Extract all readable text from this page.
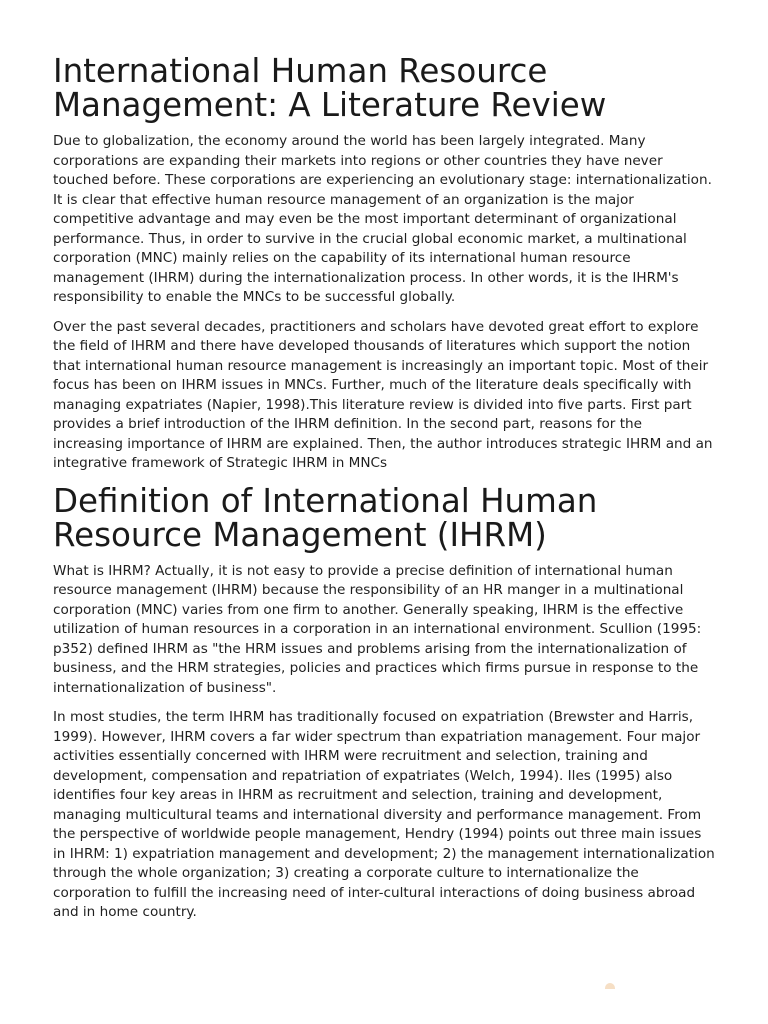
International Human Resource Management: A Literature Review

Due to globalization, the economy around the world has been largely integrated. Many corporations are expanding their markets into regions or other countries they have never touched before. These corporations are experiencing an evolutionary stage: internationalization. It is clear that effective human resource management of an organization is the major competitive advantage and may even be the most important determinant of organizational performance. Thus, in order to survive in the crucial global economic market, a multinational corporation (MNC) mainly relies on the capability of its international human resource management (IHRM) during the internationalization process. In other words, it is the IHRM's responsibility to enable the MNCs to be successful globally.

Over the past several decades, practitioners and scholars have devoted great effort to explore the field of IHRM and there have developed thousands of literatures which support the notion that international human resource management is increasingly an important topic. Most of their focus has been on IHRM issues in MNCs. Further, much of the literature deals specifically with managing expatriates (Napier, 1998).This literature review is divided into five parts. First part provides a brief introduction of the IHRM definition. In the second part, reasons for the increasing importance of IHRM are explained. Then, the author introduces strategic IHRM and an integrative framework of Strategic IHRM in MNCs

Definition of International Human Resource Management (IHRM)

What is IHRM? Actually, it is not easy to provide a precise definition of international human resource management (IHRM) because the responsibility of an HR manger in a multinational corporation (MNC) varies from one firm to another. Generally speaking, IHRM is the effective utilization of human resources in a corporation in an international environment. Scullion (1995: p352) defined IHRM as "the HRM issues and problems arising from the internationalization of business, and the HRM strategies, policies and practices which firms pursue in response to the internationalization of business".

In most studies, the term IHRM has traditionally focused on expatriation (Brewster and Harris, 1999). However, IHRM covers a far wider spectrum than expatriation management. Four major activities essentially concerned with IHRM were recruitment and selection, training and development, compensation and repatriation of expatriates (Welch, 1994). Iles (1995) also identifies four key areas in IHRM as recruitment and selection, training and development, managing multicultural teams and international diversity and performance management. From the perspective of worldwide people management, Hendry (1994) points out three main issues in IHRM: 1) expatriation management and development; 2) the management internationalization through the whole organization; 3) creating a corporate culture to internationalize the corporation to fulfill the increasing need of inter-cultural interactions of doing business abroad and in home country.
